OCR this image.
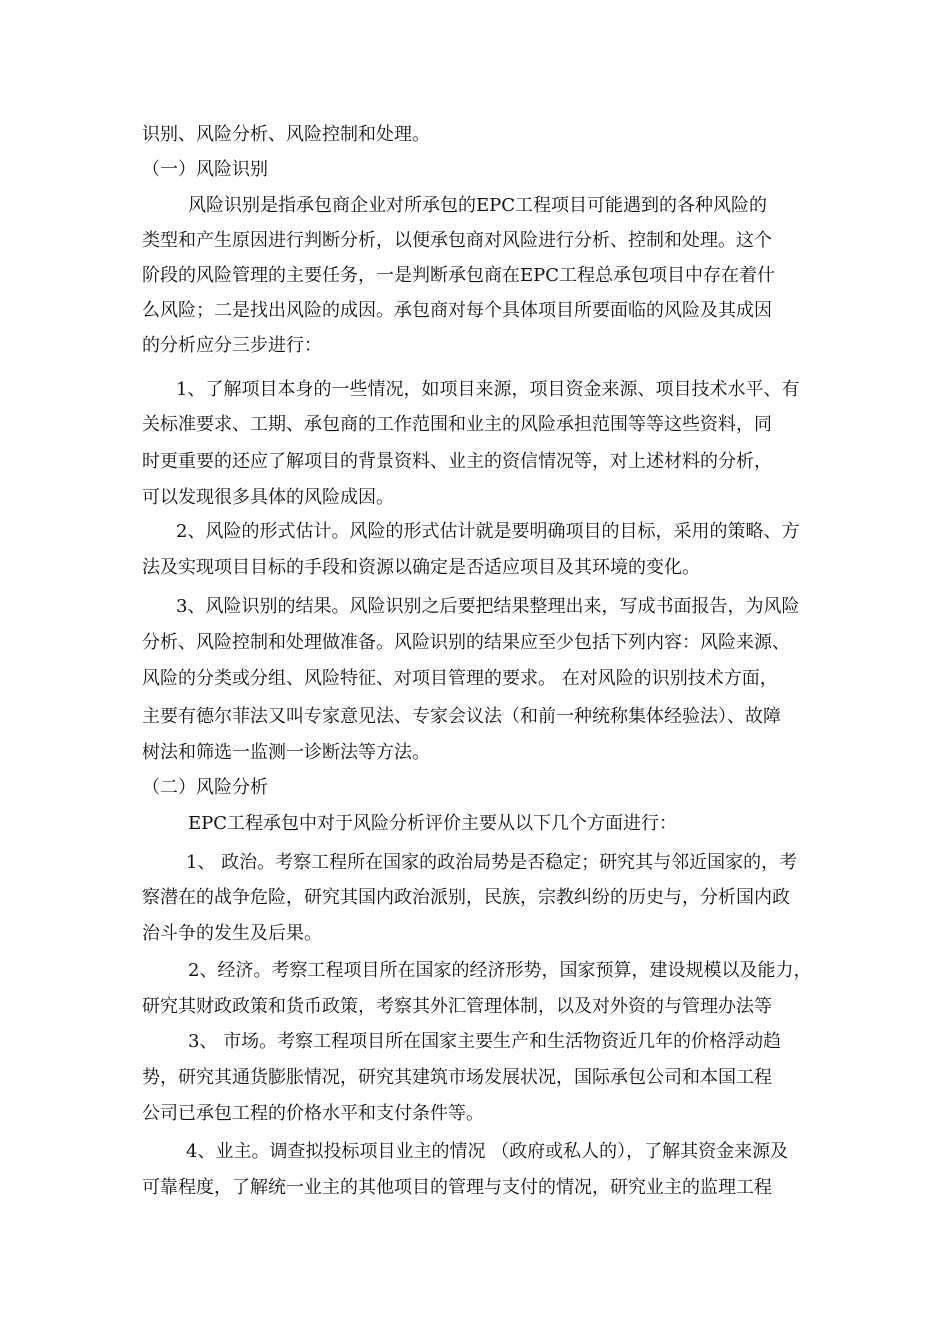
识别、风险分析、风险控制和处理。
（一）风险识别
风险识别是指承包商企业对所承包的EPC工程项目可能遇到的各种风险的
类型和产生原因进行判断分析，以便承包商对风险进行分析、控制和处理。这个
阶段的风险管理的主要任务，一是判断承包商在EPC工程总承包项目中存在着什
么风险；二是找出风险的成因。承包商对每个具体项目所要面临的风险及其成因
的分析应分三步进行：
1、了解项目本身的一些情况，如项目来源，项目资金来源、项目技术水平、有
关标准要求、工期、承包商的工作范围和业主的风险承担范围等等这些资料，同
时更重要的还应了解项目的背景资料、业主的资信情况等，对上述材料的分析，
可以发现很多具体的风险成因。
2、风险的形式估计。风险的形式估计就是要明确项目的目标，采用的策略、方
法及实现项目目标的手段和资源以确定是否适应项目及其环境的变化。
3、风险识别的结果。风险识别之后要把结果整理出来，写成书面报告，为风险
分析、风险控制和处理做准备。风险识别的结果应至少包括下列内容：风险来源、
风险的分类或分组、风险特征、对项目管理的要求。 在对风险的识别技术方面，
主要有德尔菲法又叫专家意见法、专家会议法（和前一种统称集体经验法）、故障
树法和筛选一监测一诊断法等方法。
（二）风险分析
EPC工程承包中对于风险分析评价主要从以下几个方面进行：
1、 政治。考察工程所在国家的政治局势是否稳定；研究其与邻近国家的，考
察潜在的战争危险，研究其国内政治派别，民族，宗教纠纷的历史与，分析国内政
治斗争的发生及后果。
2、经济。考察工程项目所在国家的经济形势，国家预算，建设规模以及能力，
研究其财政政策和货币政策，考察其外汇管理体制，以及对外资的与管理办法等
3、 市场。考察工程项目所在国家主要生产和生活物资近几年的价格浮动趋
势，研究其通货膨胀情况，研究其建筑市场发展状况，国际承包公司和本国工程
公司已承包工程的价格水平和支付条件等。
4、业主。调查拟投标项目业主的情况 （政府或私人的），了解其资金来源及
可靠程度，了解统一业主的其他项目的管理与支付的情况，研究业主的监理工程
